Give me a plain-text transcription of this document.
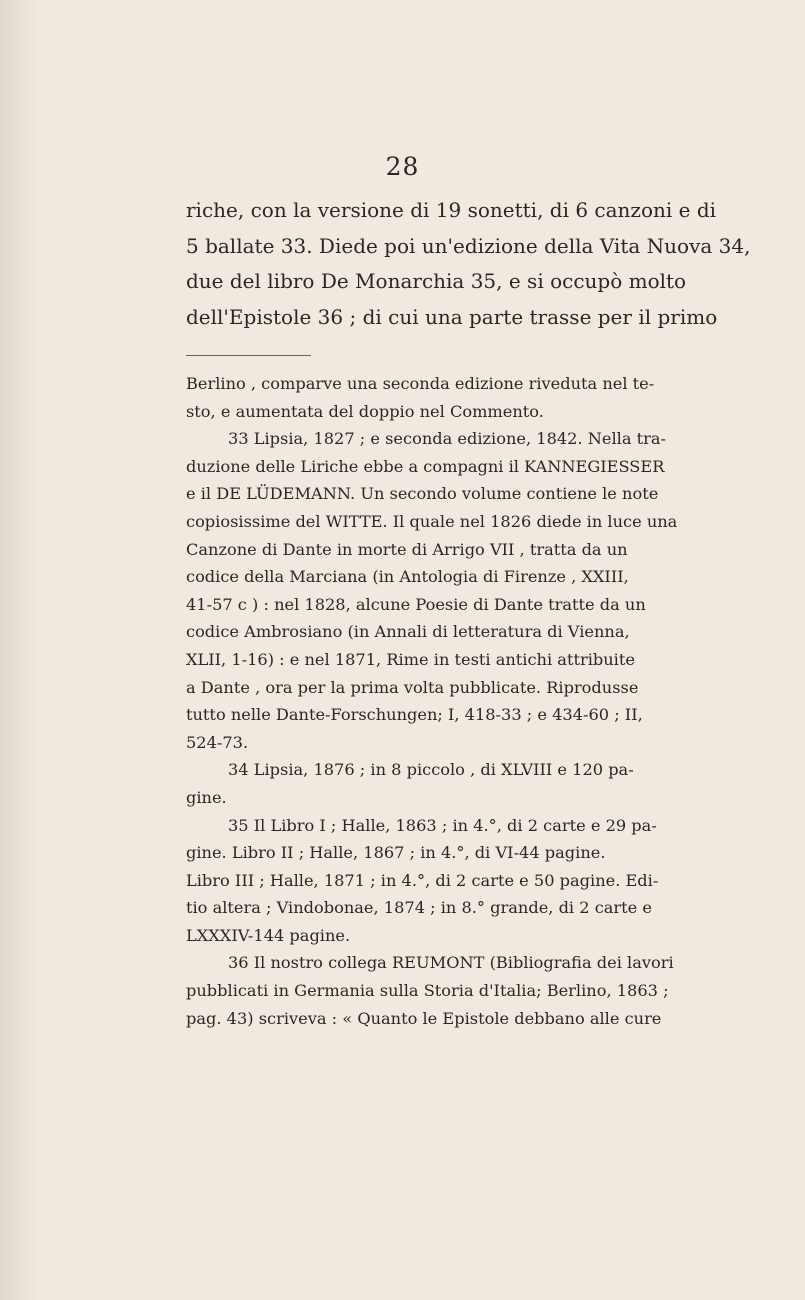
28
riche, con la versione di 19 sonetti, di 6 canzoni e di
5 ballate 33. Diede poi un'edizione della Vita Nuova 34,
due del libro De Monarchia 35, e si occupò molto
dell'Epistole 36 ; di cui una parte trasse per il primo
Berlino , comparve una seconda edizione riveduta nel te-
sto, e aumentata del doppio nel Commento.
33 Lipsia, 1827 ; e seconda edizione, 1842. Nella tra-
duzione delle Liriche ebbe a compagni il KANNEGIESSER
e il DE LÜDEMANN. Un secondo volume contiene le note
copiosissime del WITTE. Il quale nel 1826 diede in luce una
Canzone di Dante in morte di Arrigo VII , tratta da un
codice della Marciana (in Antologia di Firenze , XXIII,
41-57 c ) : nel 1828, alcune Poesie di Dante tratte da un
codice Ambrosiano (in Annali di letteratura di Vienna,
XLII, 1-16) : e nel 1871, Rime in testi antichi attribuite
a Dante , ora per la prima volta pubblicate. Riprodusse
tutto nelle Dante-Forschungen; I, 418-33 ; e 434-60 ; II,
524-73.
34 Lipsia, 1876 ; in 8 piccolo , di XLVIII e 120 pa-
gine.
35 Il Libro I ; Halle, 1863 ; in 4.°, di 2 carte e 29 pa-
gine. Libro II ; Halle, 1867 ; in 4.°, di VI-44 pagine.
Libro III ; Halle, 1871 ; in 4.°, di 2 carte e 50 pagine. Edi-
tio altera ; Vindobonae, 1874 ; in 8.° grande, di 2 carte e
LXXXIV-144 pagine.
36 Il nostro collega REUMONT (Bibliografia dei lavori
pubblicati in Germania sulla Storia d'Italia; Berlino, 1863 ;
pag. 43) scriveva : « Quanto le Epistole debbano alle cure
